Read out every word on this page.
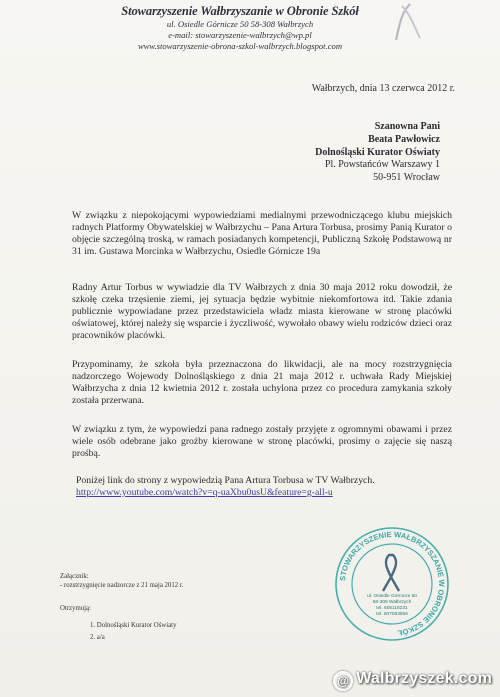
Stowarzyszenie Wałbrzyszanie w Obronie Szkół
ul. Osiedle Górnicze 50 58-308 Wałbrzych
e-mail: stowarzyszenie-walbrzych@wp.pl
www.stowarzyszenie-obrona-szkol-walbrzych.blogspot.com
Wałbrzych, dnia 13 czerwca 2012 r.
Szanowna Pani
Beata Pawłowicz
Dolnośląski Kurator Oświaty
Pl. Powstańców Warszawy 1
50-951 Wrocław
W związku z niepokojącymi wypowiedziami medialnymi przewodniczącego klubu miejskich radnych Platformy Obywatelskiej w Wałbrzychu – Pana Artura Torbusa, prosimy Panią Kurator o objęcie szczególną troską, w ramach posiadanych kompetencji, Publiczną Szkołę Podstawową nr 31 im. Gustawa Morcinka w Wałbrzychu, Osiedle Górnicze 19a
Radny Artur Torbus w wywiadzie dla TV Wałbrzych z dnia 30 maja 2012 roku dowodził, że szkołę czeka trzęsienie ziemi, jej sytuacja będzie wybitnie niekomfortowa itd. Takie zdania publicznie wypowiadane przez przedstawiciela władz miasta kierowane w stronę placówki oświatowej, której należy się wsparcie i życzliwość, wywołało obawy wielu rodziców dzieci oraz pracowników placówki.
Przypominamy, że szkoła była przeznaczona do likwidacji, ale na mocy rozstrzygnięcia nadzorczego Wojewody Dolnośląskiego z dnia 21 maja 2012 r. uchwała Rady Miejskiej Wałbrzycha z dnia 12 kwietnia 2012 r. została uchylona przez co procedura zamykania szkoły została przerwana.
W związku z tym, że wypowiedzi pana radnego zostały przyjęte z ogromnymi obawami i przez wiele osób odebrane jako groźby kierowane w stronę placówki, prosimy o zajęcie się naszą prośbą.
Poniżej link do strony z wypowiedzią Pana Artura Torbusa w TV Wałbrzych.
http://www.youtube.com/watch?v=q-uaXbu0usU&feature=g-all-u
Załącznik:
- rozstrzygnięcie nadzorcze z 21 maja 2012 r.
Otrzymują:
1. Dolnośląski Kurator Oświaty
2. a/a
STOWARZYSZENIE WAŁBRZYSZANIE W OBRONIE SZKÓŁ
ul. Osiedle Górnicze 50
58-308 Wałbrzych
tel. 605118231
tel. 607053556
@ Walbrzyszek.com
